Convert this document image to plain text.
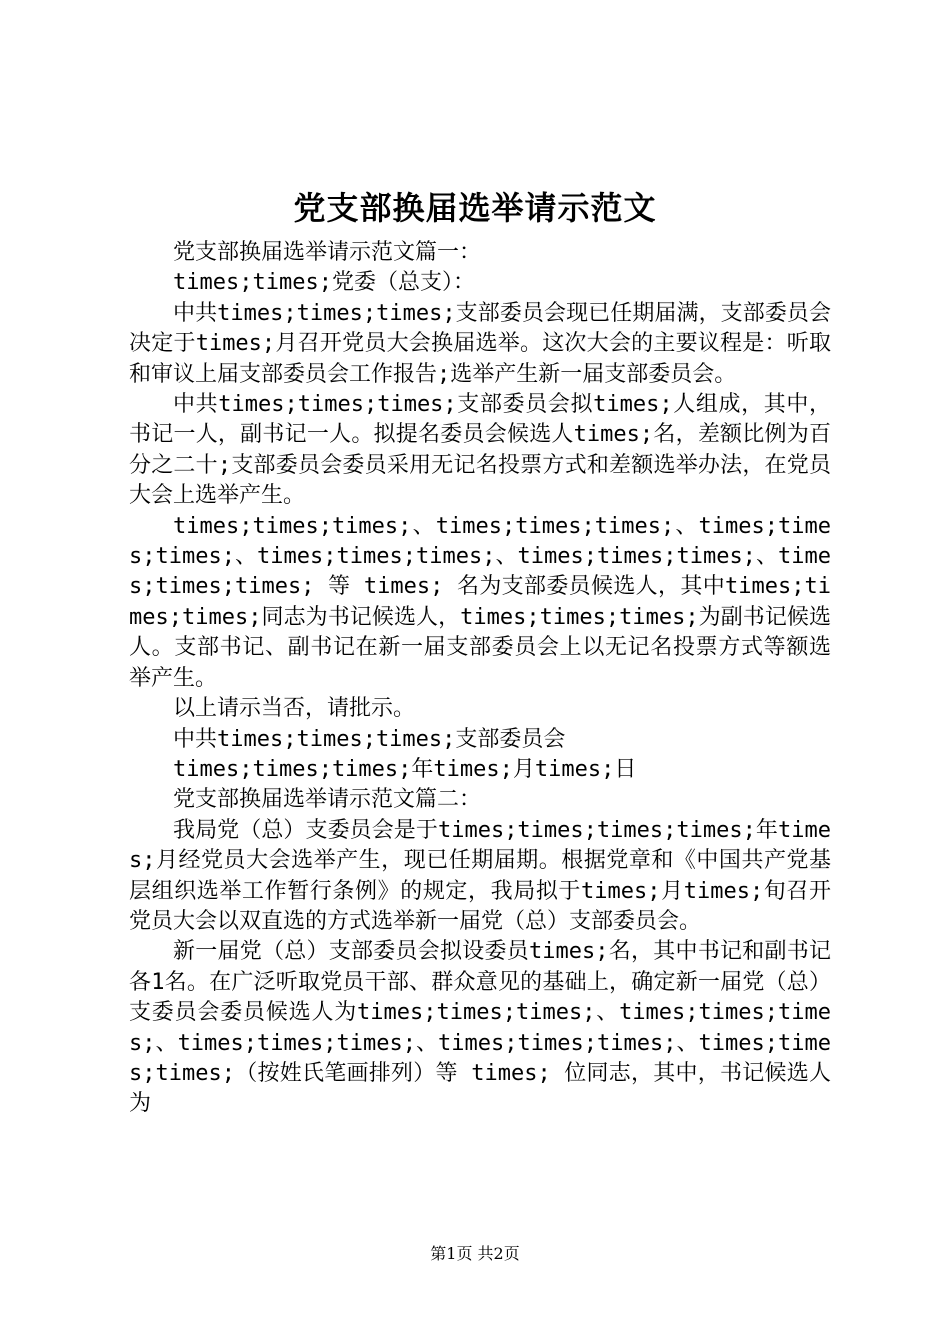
党支部换届选举请示范文

党支部换届选举请示范文篇一：

times;times;党委（总支）：

中共times;times;times;支部委员会现已任期届满，支部委员会决定于times;月召开党员大会换届选举。这次大会的主要议程是：听取和审议上届支部委员会工作报告;选举产生新一届支部委员会。

中共times;times;times;支部委员会拟times;人组成，其中，书记一人，副书记一人。拟提名委员会候选人times;名，差额比例为百分之二十;支部委员会委员采用无记名投票方式和差额选举办法，在党员大会上选举产生。

times;times;times;、times;times;times;、times;times;times;、times;times;times;、times;times;times;、times;times;times; 等 times; 名为支部委员候选人，其中times;times;times;同志为书记候选人，times;times;times;为副书记候选人。支部书记、副书记在新一届支部委员会上以无记名投票方式等额选举产生。

以上请示当否，请批示。

中共times;times;times;支部委员会

times;times;times;年times;月times;日

党支部换届选举请示范文篇二：

我局党（总）支委员会是于times;times;times;times;年times;月经党员大会选举产生，现已任期届期。根据党章和《中国共产党基层组织选举工作暂行条例》的规定，我局拟于times;月times;旬召开党员大会以双直选的方式选举新一届党（总）支部委员会。

新一届党（总）支部委员会拟设委员times;名，其中书记和副书记各1名。在广泛听取党员干部、群众意见的基础上，确定新一届党（总）支委员会委员候选人为times;times;times;、times;times;times;、times;times;times;、times;times;times;、times;times;times;（按姓氏笔画排列）等 times; 位同志，其中，书记候选人为

第1页 共2页
